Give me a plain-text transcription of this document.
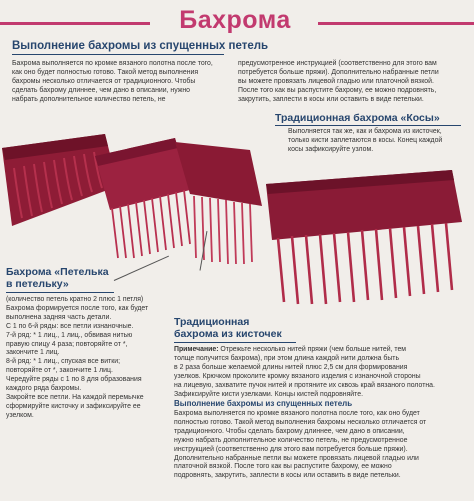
Бахрома
Выполнение бахромы из спущенных петель
Бахрома выполняется по кромке вязаного полотна после того,
как оно будет полностью готово. Такой метод выполнения
бахромы несколько отличается от традиционного. Чтобы
сделать бахрому длиннее, чем дано в описании, нужно
набрать дополнительное количество петель, не
предусмотренное инструкцией (соответственно для этого вам
потребуется больше пряжи). Дополнительно набранные петли
вы можете провязать лицевой гладью или платочной вязкой.
После того как вы распустите бахрому, ее можно подровнять,
закрутить, заплести в косы или оставить в виде петельки.
Традиционная бахрома «Косы»
Выполняется так же, как и бахрома из кисточек,
только кисти заплетаются в косы. Конец каждой
косы зафиксируйте узлом.
Бахрома «Петелька
в петельку»
(количество петель кратно 2 плюс 1 петля)
Бахрома формируется после того, как будет
выполнена задняя часть детали.
С 1 по 6-й ряды: все петли изнаночные.
7-й ряд: * 1 лиц., 1 лиц., обвивая нитью
правую спицу 4 раза; повторяйте от *,
закончите 1 лиц.
8-й ряд: * 1 лиц., спуская все витки;
повторяйте от *, закончите 1 лиц.
Чередуйте ряды с 1 по 8 для образования
каждого ряда бахромы.
Закройте все петли. На каждой перемычке
сформируйте кисточку и зафиксируйте ее
узелком.
Традиционная
бахрома из кисточек
Примечание: Отрежьте несколько нитей пряжи (чем больше нитей, тем
толще получится бахрома), при этом длина каждой нити должна быть
в 2 раза больше желаемой длины нитей плюс 2,5 см для формирования
узелков. Крючком проколите кромку вязаного изделия с изнаночной стороны
на лицевую, захватите пучок нитей и протяните их сквозь край вязаного полотна.
Зафиксируйте кисти узелками. Концы кистей подровняйте.
Выполнение бахромы из спущенных петель
Бахрома выполняется по кромке вязаного полотна после того, как оно будет
полностью готово. Такой метод выполнения бахромы несколько отличается от
традиционного. Чтобы сделать бахрому длиннее, чем дано в описании,
нужно набрать дополнительное количество петель, не предусмотренное
инструкцией (соответственно для этого вам потребуется больше пряжи).
Дополнительно набранные петли вы можете провязать лицевой гладью или
платочной вязкой. После того как вы распустите бахрому, ее можно
подровнять, закрутить, заплести в косы или оставить в виде петельки.
